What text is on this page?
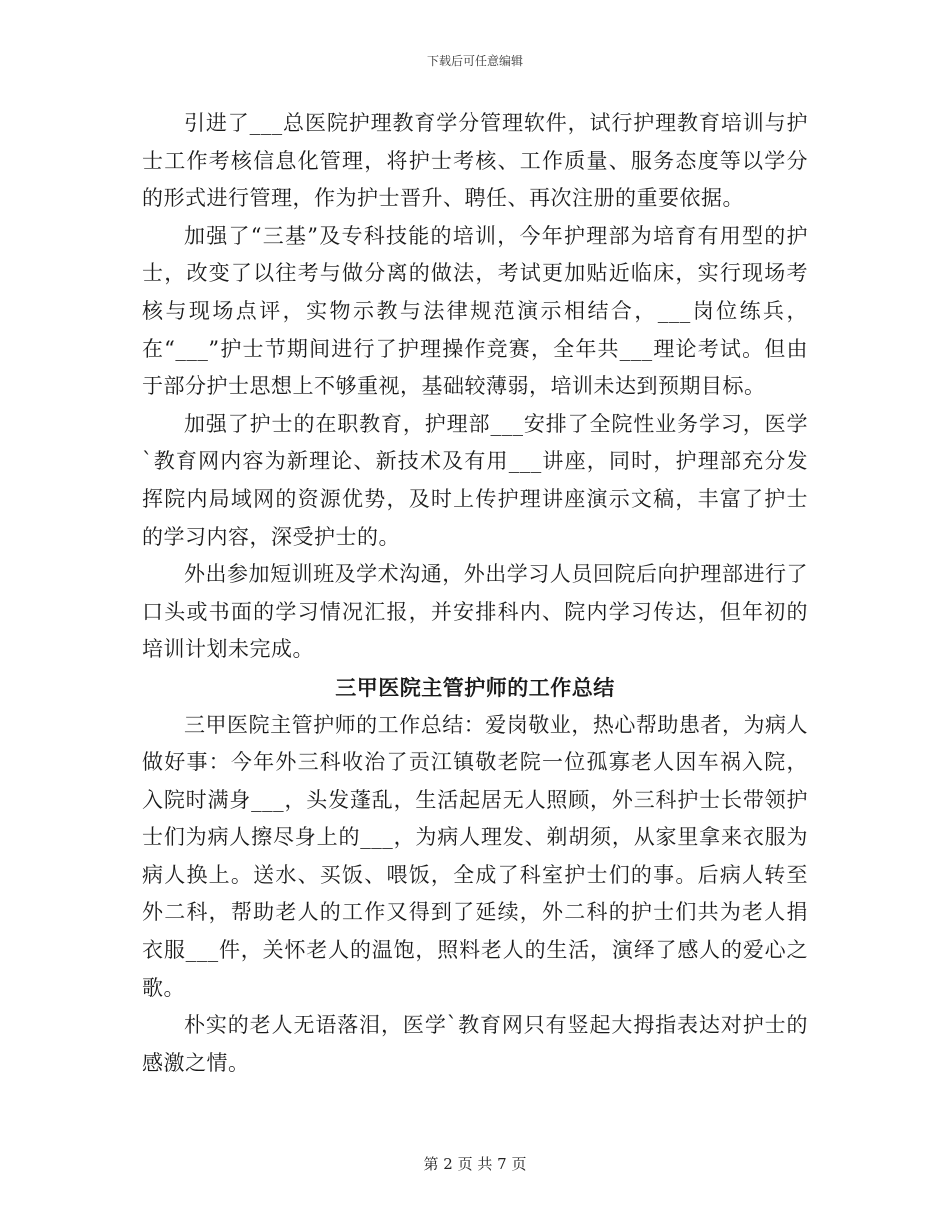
下载后可任意编辑

引进了___总医院护理教育学分管理软件，试行护理教育培训与护士工作考核信息化管理，将护士考核、工作质量、服务态度等以学分的形式进行管理，作为护士晋升、聘任、再次注册的重要依据。

加强了“三基”及专科技能的培训，今年护理部为培育有用型的护士，改变了以往考与做分离的做法，考试更加贴近临床，实行现场考核与现场点评，实物示教与法律规范演示相结合，___岗位练兵，在“___”护士节期间进行了护理操作竞赛，全年共___理论考试。但由于部分护士思想上不够重视，基础较薄弱，培训未达到预期目标。

加强了护士的在职教育，护理部___安排了全院性业务学习，医学`教育网内容为新理论、新技术及有用___讲座，同时，护理部充分发挥院内局域网的资源优势，及时上传护理讲座演示文稿，丰富了护士的学习内容，深受护士的。

外出参加短训班及学术沟通，外出学习人员回院后向护理部进行了口头或书面的学习情况汇报，并安排科内、院内学习传达，但年初的培训计划未完成。

三甲医院主管护师的工作总结

三甲医院主管护师的工作总结：爱岗敬业，热心帮助患者，为病人做好事：今年外三科收治了贡江镇敬老院一位孤寡老人因车祸入院，入院时满身___，头发蓬乱，生活起居无人照顾，外三科护士长带领护士们为病人擦尽身上的___，为病人理发、剃胡须，从家里拿来衣服为病人换上。送水、买饭、喂饭，全成了科室护士们的事。后病人转至外二科，帮助老人的工作又得到了延续，外二科的护士们共为老人捐衣服___件，关怀老人的温饱，照料老人的生活，演绎了感人的爱心之歌。

朴实的老人无语落泪，医学`教育网只有竖起大拇指表达对护士的感激之情。

第 2 页 共 7 页
